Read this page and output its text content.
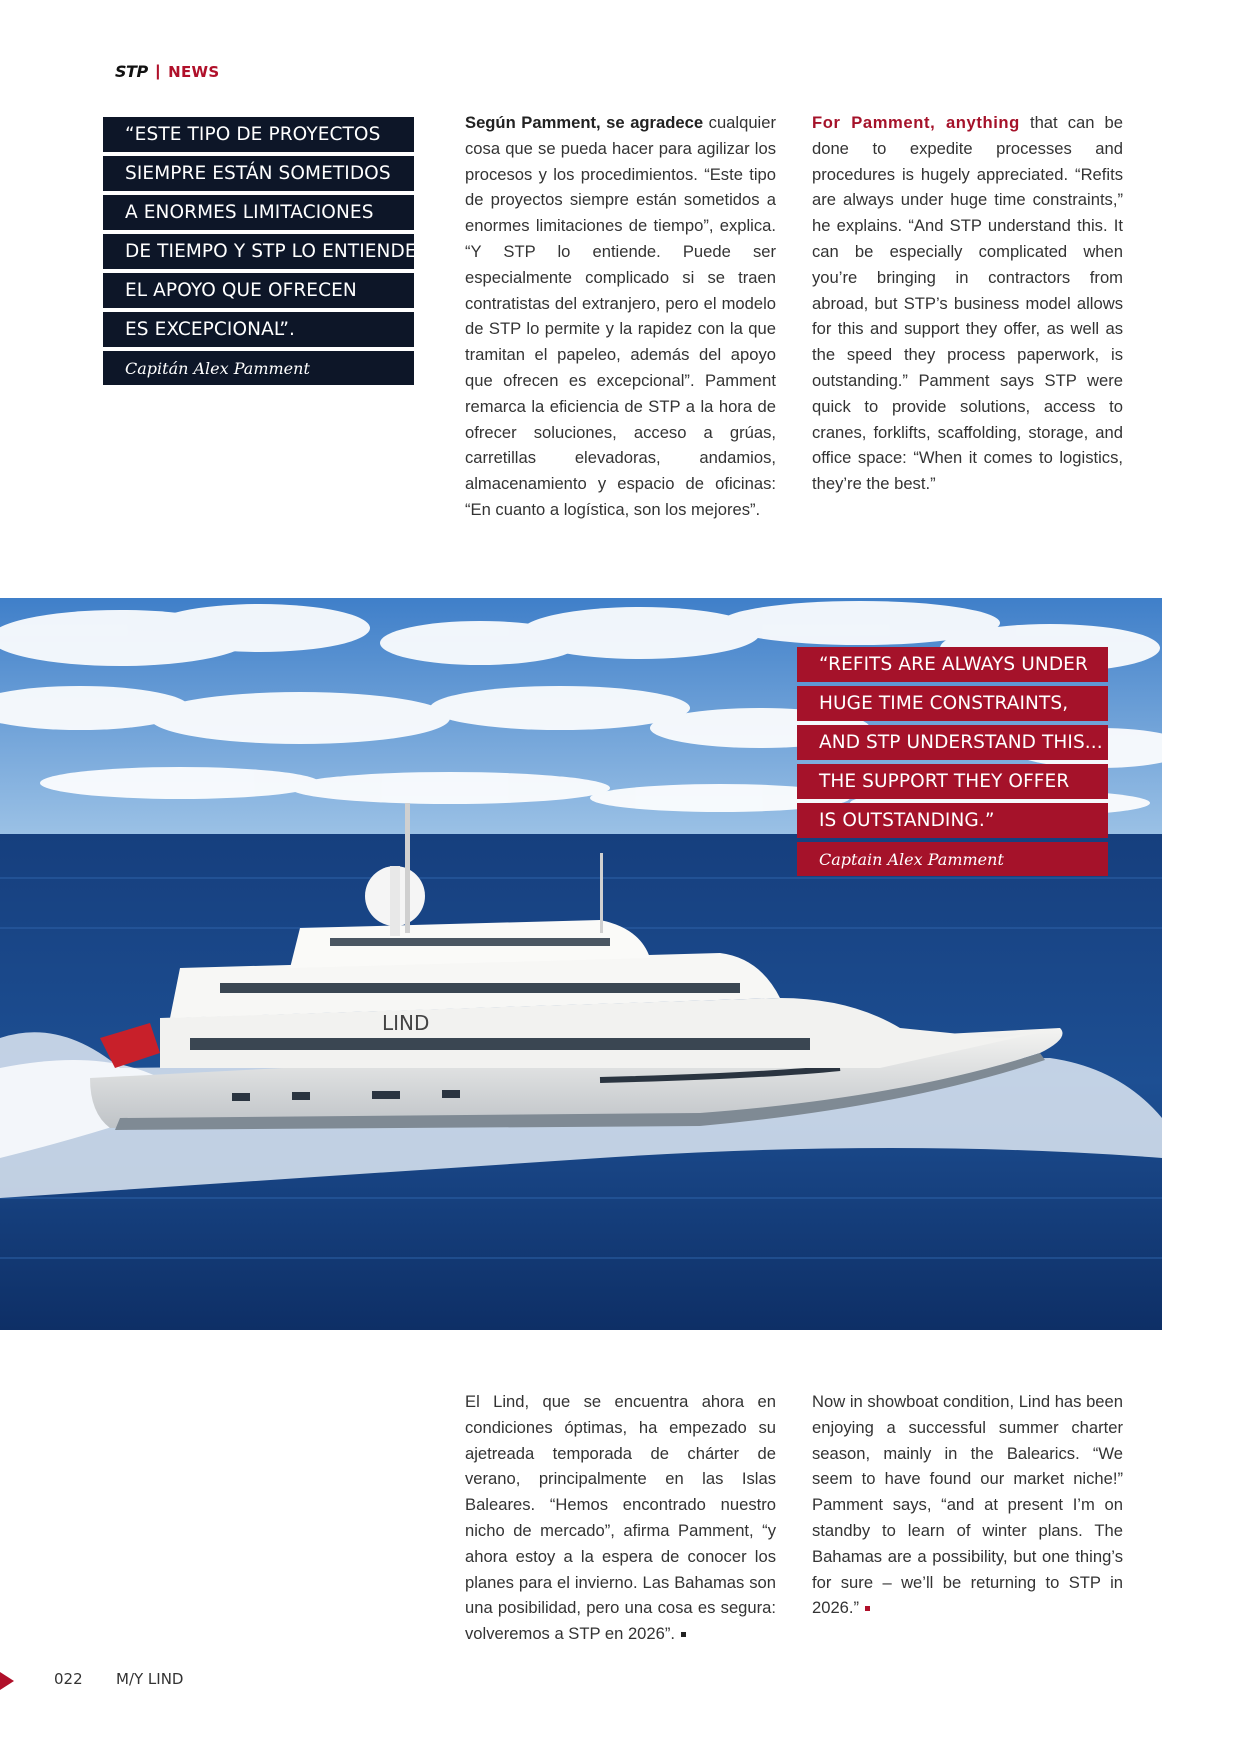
STP | NEWS
“ESTE TIPO DE PROYECTOS
SIEMPRE ESTÁN SOMETIDOS
A ENORMES LIMITACIONES
DE TIEMPO Y STP LO ENTIENDE.
EL APOYO QUE OFRECEN
ES EXCEPCIONAL”.
Capitán Alex Pamment
Según Pamment, se agradece cualquier cosa que se pueda hacer para agilizar los procesos y los procedimientos. “Este tipo de proyectos siempre están sometidos a enormes limitaciones de tiempo”, explica. “Y STP lo entiende. Puede ser especialmente complicado si se traen contratistas del extranjero, pero el modelo de STP lo permite y la rapidez con la que tramitan el papeleo, además del apoyo que ofrecen es excepcional”. Pamment remarca la eficiencia de STP a la hora de ofrecer soluciones, acceso a grúas, carretillas elevadoras, andamios, almacenamiento y espacio de oficinas: “En cuanto a logística, son los mejores”.
For Pamment, anything that can be done to expedite processes and procedures is hugely appreciated. “Refits are always under huge time constraints,” he explains. “And STP understand this. It can be especially complicated when you’re bringing in contractors from abroad, but STP’s business model allows for this and support they offer, as well as the speed they process paperwork, is outstanding.” Pamment says STP were quick to provide solutions, access to cranes, forklifts, scaffolding, storage, and office space: “When it comes to logistics, they’re the best.”
LIND
“REFITS ARE ALWAYS UNDER
HUGE TIME CONSTRAINTS,
AND STP UNDERSTAND THIS...
THE SUPPORT THEY OFFER
IS OUTSTANDING.”
Captain Alex Pamment
El Lind, que se encuentra ahora en condiciones óptimas, ha empezado su ajetreada temporada de chárter de verano, principalmente en las Islas Baleares. “Hemos encontrado nuestro nicho de mercado”, afirma Pamment, “y ahora estoy a la espera de conocer los planes para el invierno. Las Bahamas son una posibilidad, pero una cosa es segura: volveremos a STP en 2026”.
Now in showboat condition, Lind has been enjoying a successful summer charter season, mainly in the Balearics. “We seem to have found our market niche!” Pamment says, “and at present I’m on standby to learn of winter plans. The Bahamas are a possibility, but one thing’s for sure – we’ll be returning to STP in 2026.”
022 M/Y LIND
